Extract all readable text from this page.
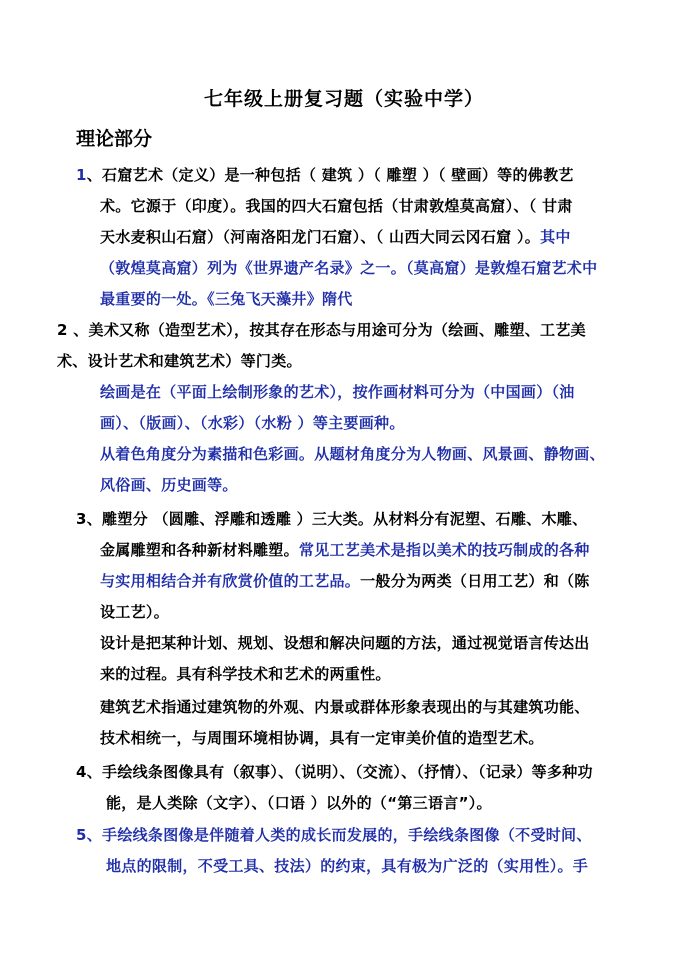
七年级上册复习题（实验中学）
理论部分
1、石窟艺术（定义）是一种包括（ 建筑 ）（ 雕塑 ）（ 壁画）等的佛教艺
术。它源于（印度）。我国的四大石窟包括（甘肃敦煌莫高窟）、（ 甘肃
天水麦积山石窟）（河南洛阳龙门石窟）、（ 山西大同云冈石窟 ）。其中
（敦煌莫高窟）列为《世界遗产名录》之一。（莫高窟）是敦煌石窟艺术中
最重要的一处。《三兔飞天藻井》隋代
2 、美术又称（造型艺术），按其存在形态与用途可分为（绘画、雕塑、工艺美
术、设计艺术和建筑艺术）等门类。
绘画是在（平面上绘制形象的艺术），按作画材料可分为（中国画）（油
画）、（版画）、（水彩）（水粉 ）等主要画种。
从着色角度分为素描和色彩画。从题材角度分为人物画、风景画、静物画、
风俗画、历史画等。
3、雕塑分 （圆雕、浮雕和透雕 ）三大类。从材料分有泥塑、石雕、木雕、
金属雕塑和各种新材料雕塑。常见工艺美术是指以美术的技巧制成的各种
与实用相结合并有欣赏价值的工艺品。一般分为两类（日用工艺）和（陈
设工艺）。
设计是把某种计划、规划、设想和解决问题的方法，通过视觉语言传达出
来的过程。具有科学技术和艺术的两重性。
建筑艺术指通过建筑物的外观、内景或群体形象表现出的与其建筑功能、
技术相统一，与周围环境相协调，具有一定审美价值的造型艺术。
4、手绘线条图像具有（叙事）、（说明）、（交流）、（抒情）、（记录）等多种功
能，是人类除（文字）、（口语 ）以外的（“第三语言”）。
5、手绘线条图像是伴随着人类的成长而发展的，手绘线条图像（不受时间、
地点的限制，不受工具、技法）的约束，具有极为广泛的（实用性）。手
